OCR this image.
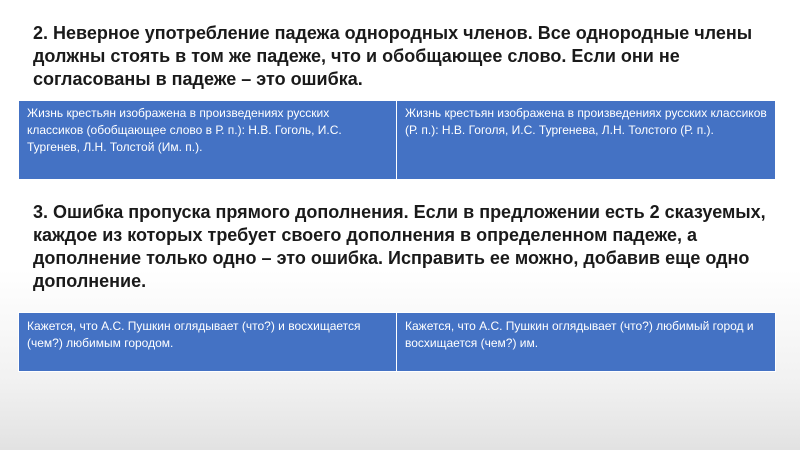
2. Неверное употребление падежа однородных членов. Все однородные члены должны стоять в том же падеже, что и обобщающее слово. Если они не согласованы в падеже – это ошибка.
Жизнь крестьян изображена в произведениях русских классиков (обобщающее слово в Р. п.): Н.В. Гоголь, И.С. Тургенев, Л.Н. Толстой (Им. п.).
Жизнь крестьян изображена в произведениях русских классиков (Р. п.): Н.В. Гоголя, И.С. Тургенева, Л.Н. Толстого (Р. п.).
3. Ошибка пропуска прямого дополнения. Если в предложении есть 2 сказуемых, каждое из которых требует своего дополнения в определенном падеже, а дополнение только одно – это ошибка. Исправить ее можно, добавив еще одно дополнение.
Кажется, что А.С. Пушкин оглядывает (что?) и восхищается (чем?) любимым городом.
Кажется, что А.С. Пушкин оглядывает (что?) любимый город и восхищается (чем?) им.
